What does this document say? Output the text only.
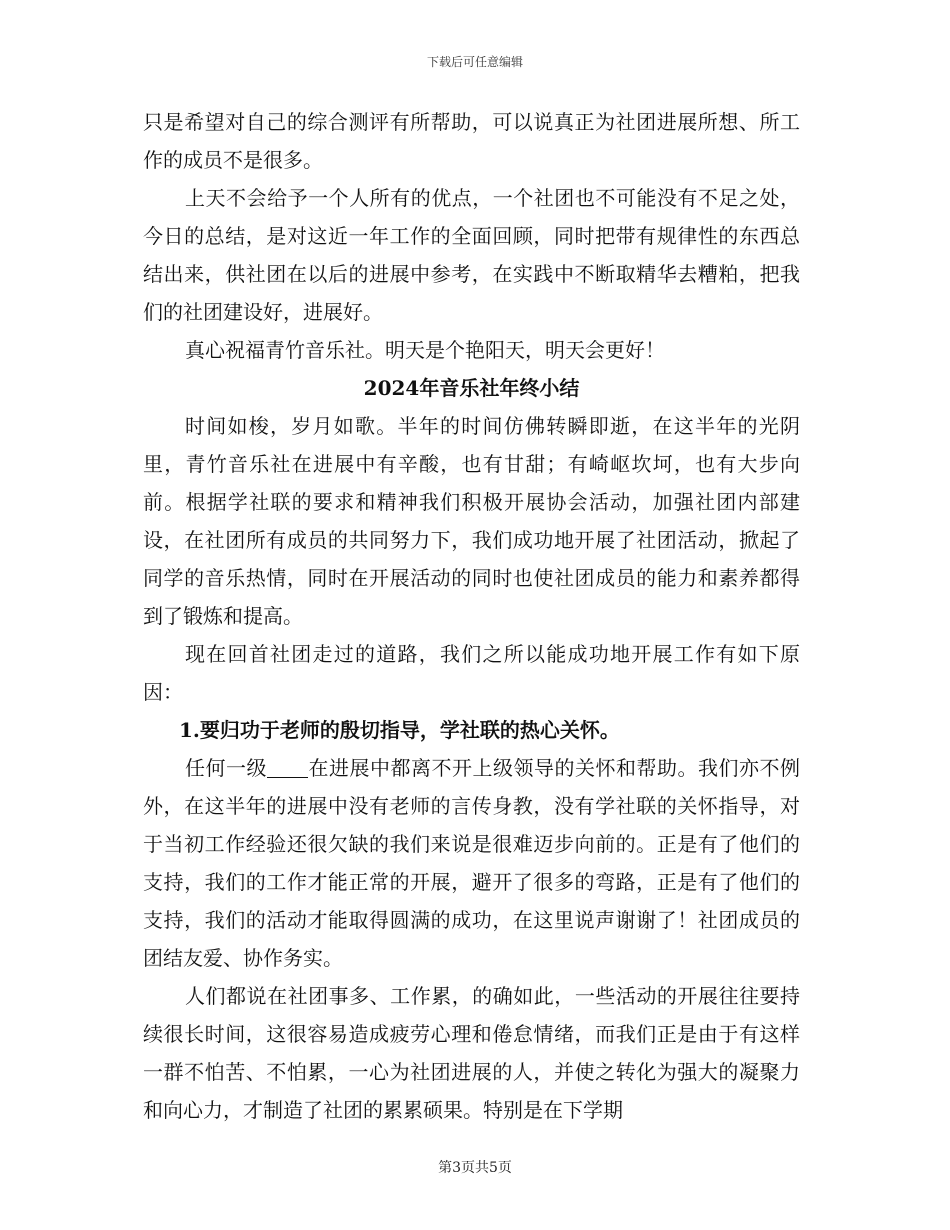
下载后可任意编辑

只是希望对自己的综合测评有所帮助，可以说真正为社团进展所想、所工作的成员不是很多。

上天不会给予一个人所有的优点，一个社团也不可能没有不足之处，今日的总结，是对这近一年工作的全面回顾，同时把带有规律性的东西总结出来，供社团在以后的进展中参考，在实践中不断取精华去糟粕，把我们的社团建设好，进展好。

真心祝福青竹音乐社。明天是个艳阳天，明天会更好！

2024年音乐社年终小结

时间如梭，岁月如歌。半年的时间仿佛转瞬即逝，在这半年的光阴里，青竹音乐社在进展中有辛酸，也有甘甜；有崎岖坎坷，也有大步向前。根据学社联的要求和精神我们积极开展协会活动，加强社团内部建设，在社团所有成员的共同努力下，我们成功地开展了社团活动，掀起了同学的音乐热情，同时在开展活动的同时也使社团成员的能力和素养都得到了锻炼和提高。

现在回首社团走过的道路，我们之所以能成功地开展工作有如下原因：

1.要归功于老师的殷切指导，学社联的热心关怀。

任何一级 在进展中都离不开上级领导的关怀和帮助。我们亦不例外，在这半年的进展中没有老师的言传身教，没有学社联的关怀指导，对于当初工作经验还很欠缺的我们来说是很难迈步向前的。正是有了他们的支持，我们的工作才能正常的开展，避开了很多的弯路，正是有了他们的支持，我们的活动才能取得圆满的成功，在这里说声谢谢了！社团成员的团结友爱、协作务实。

人们都说在社团事多、工作累，的确如此，一些活动的开展往往要持续很长时间，这很容易造成疲劳心理和倦怠情绪，而我们正是由于有这样一群不怕苦、不怕累，一心为社团进展的人，并使之转化为强大的凝聚力和向心力，才制造了社团的累累硕果。特别是在下学期

第3页共5页
